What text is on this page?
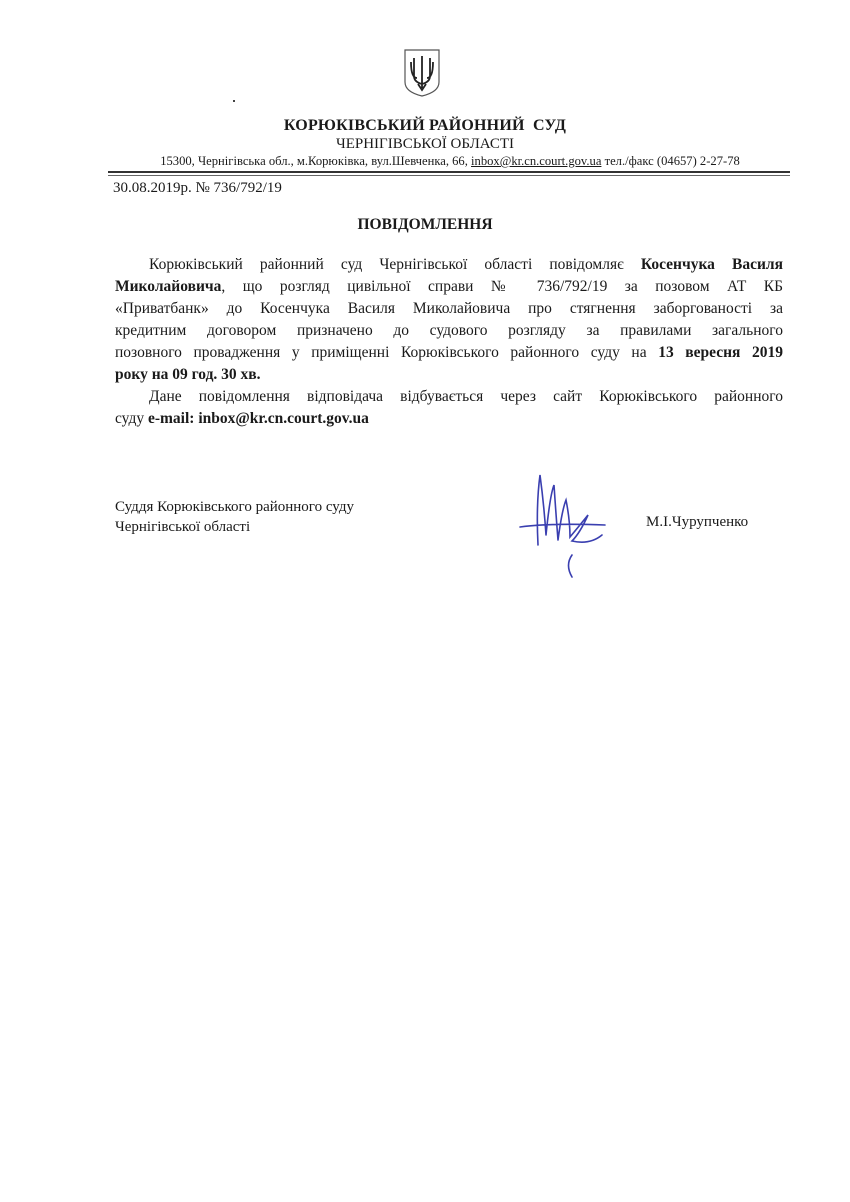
КОРЮКІВСЬКИЙ РАЙОННИЙ  СУД
ЧЕРНІГІВСЬКОЇ ОБЛАСТІ
15300, Чернігівська обл., м.Корюківка, вул.Шевченка, 66, inbox@kr.cn.court.gov.ua тел./факс (04657) 2-27-78
30.08.2019р. № 736/792/19
ПОВІДОМЛЕННЯ
Корюківський районний суд Чернігівської області повідомляє Косенчука Василя
Миколайовича, що розгляд цивільної справи № 736/792/19 за позовом АТ КБ
«Приватбанк» до Косенчука Василя Миколайовича про стягнення заборгованості за
кредитним договором призначено до судового розгляду за правилами загального
позовного провадження у приміщенні Корюківського районного суду на 13 вересня 2019
року на 09 год. 30 хв.
Дане повідомлення відповідача відбувається через сайт Корюківського районного
суду e-mail: inbox@kr.cn.court.gov.ua
Суддя Корюківського районного суду
Чернігівської області	М.І.Чурупченко
